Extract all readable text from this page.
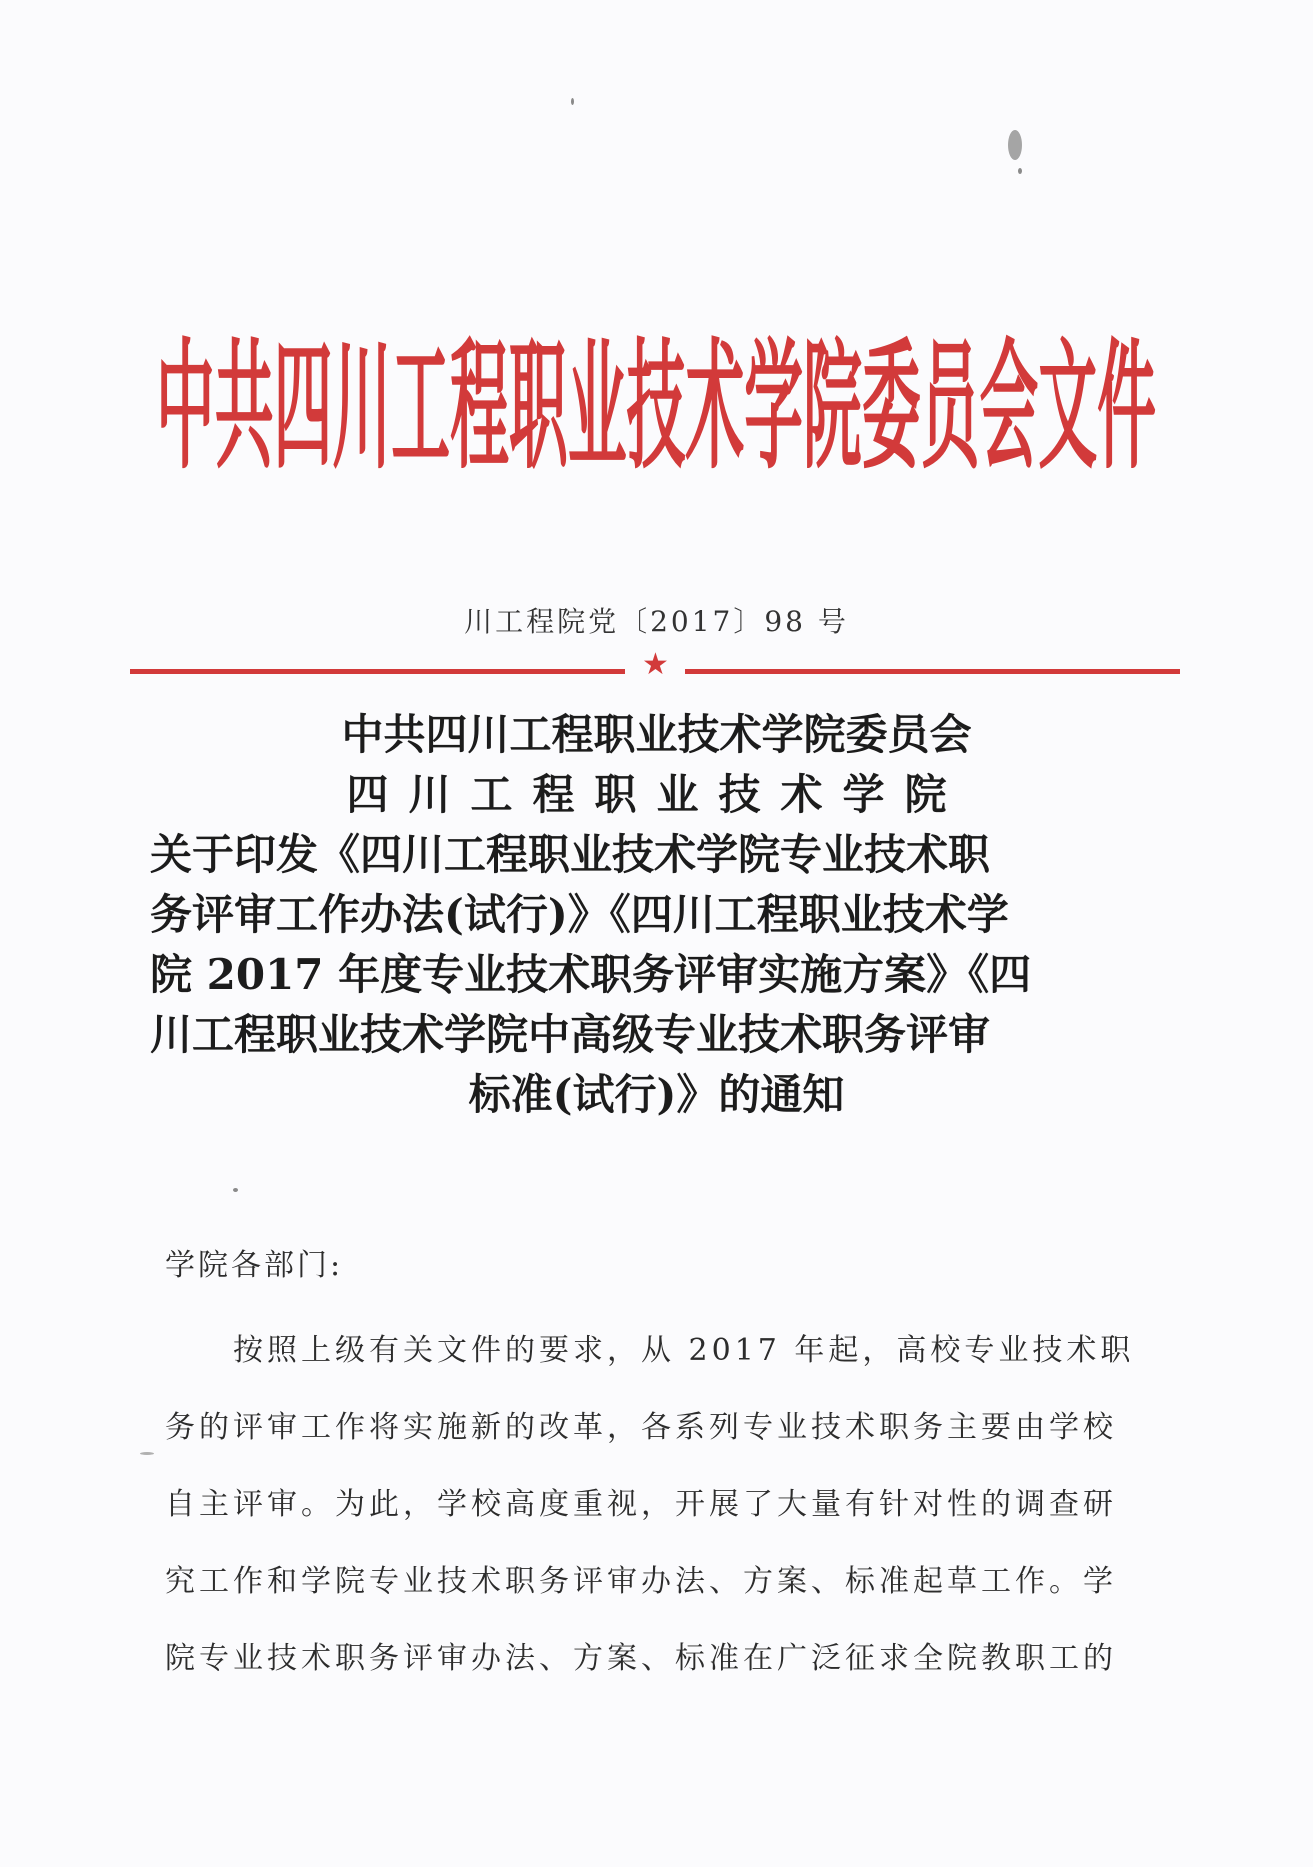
中共四川工程职业技术学院委员会文件
川工程院党〔2017〕98 号
★
中共四川工程职业技术学院委员会
四川工程职业技术学院
关于印发《四川工程职业技术学院专业技术职
务评审工作办法(试行)》《四川工程职业技术学
院 2017 年度专业技术职务评审实施方案》《四
川工程职业技术学院中高级专业技术职务评审
标准(试行)》的通知
学院各部门:
按照上级有关文件的要求，从 2017 年起，高校专业技术职
务的评审工作将实施新的改革，各系列专业技术职务主要由学校
自主评审。为此，学校高度重视，开展了大量有针对性的调查研
究工作和学院专业技术职务评审办法、方案、标准起草工作。学
院专业技术职务评审办法、方案、标准在广泛征求全院教职工的
